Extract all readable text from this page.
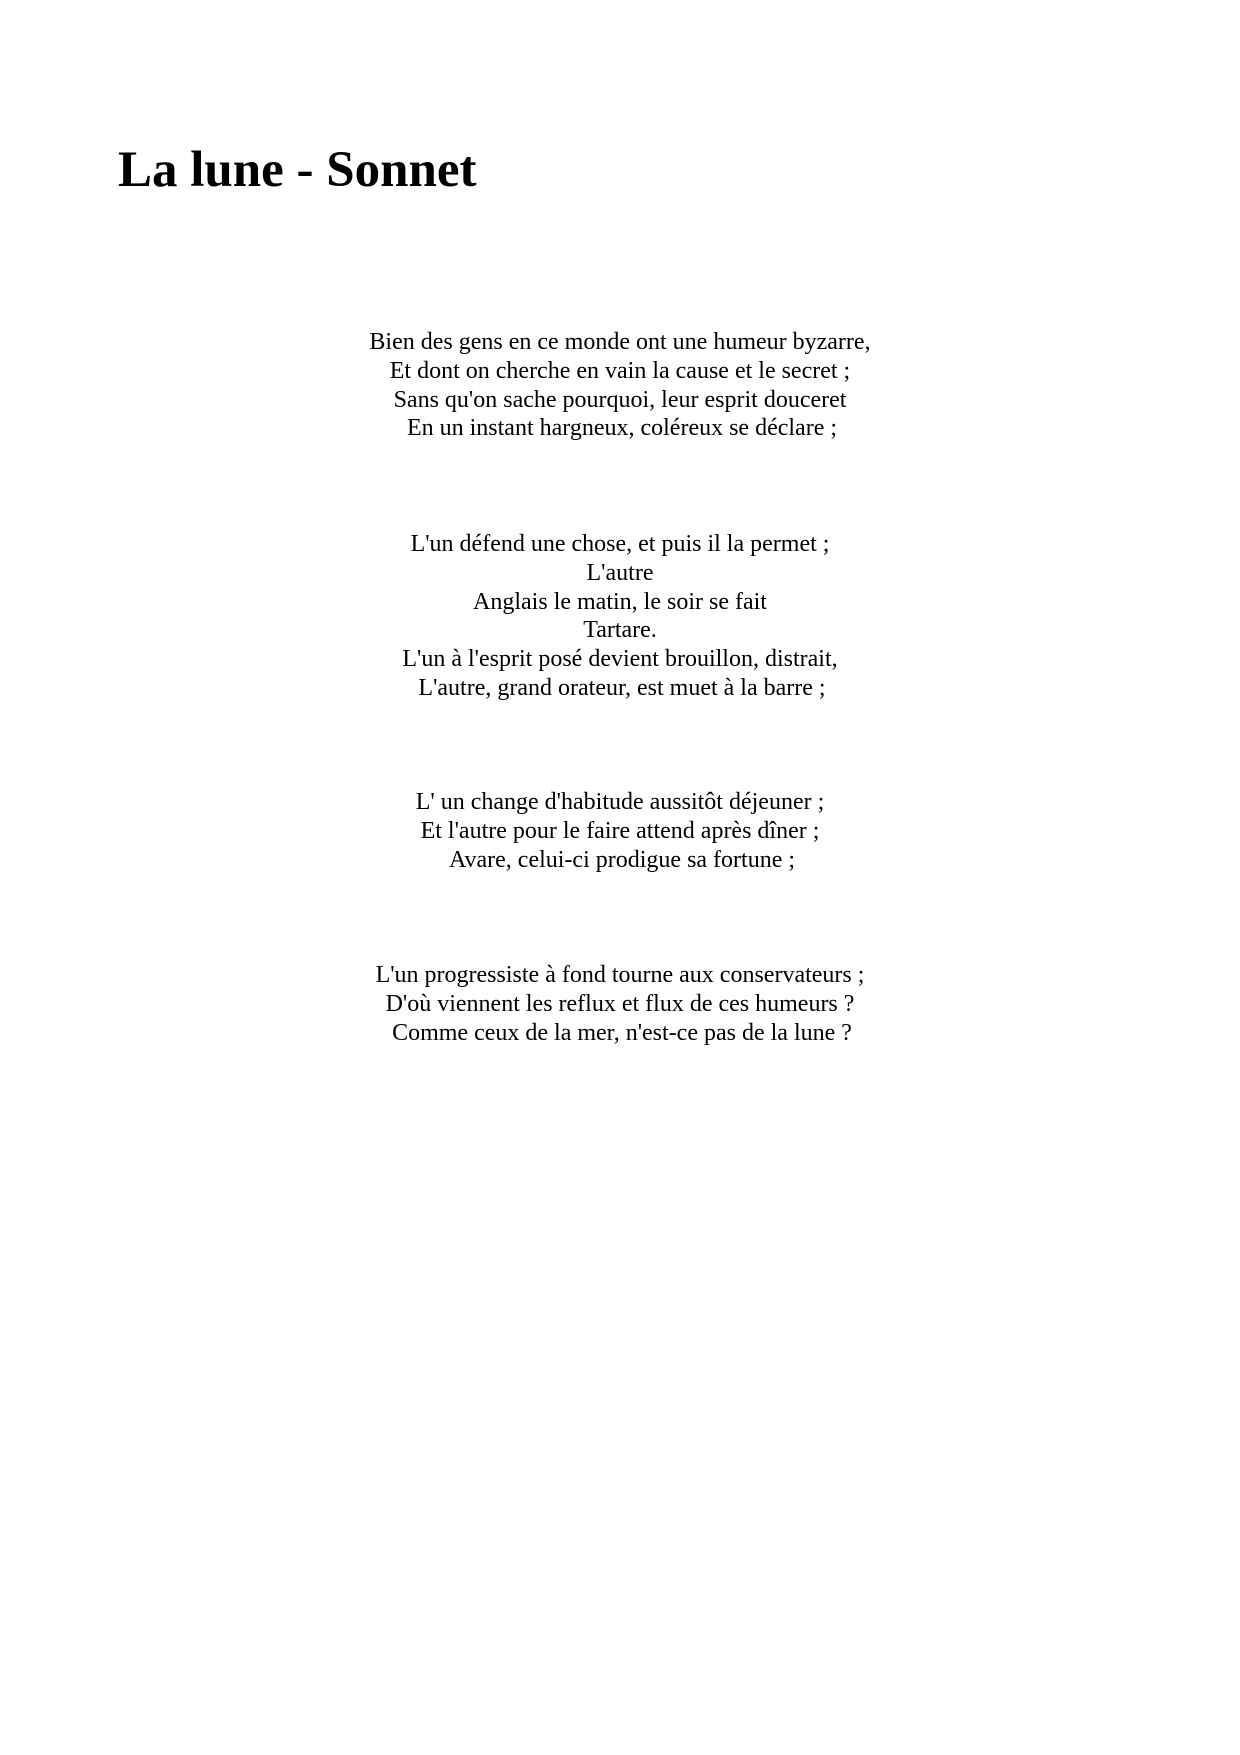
La lune - Sonnet
Bien des gens en ce monde ont une humeur byzarre,
Et dont on cherche en vain la cause et le secret ;
Sans qu'on sache pourquoi, leur esprit douceret
En un instant hargneux, coléreux se déclare ;
L'un défend une chose, et puis il la permet ;
L'autre
Anglais le matin, le soir se fait
Tartare.
L'un à l'esprit posé devient brouillon, distrait,
L'autre, grand orateur, est muet à la barre ;
L' un change d'habitude aussitôt déjeuner ;
Et l'autre pour le faire attend après dîner ;
Avare, celui-ci prodigue sa fortune ;
L'un progressiste à fond tourne aux conservateurs ;
D'où viennent les reflux et flux de ces humeurs ?
Comme ceux de la mer, n'est-ce pas de la lune ?
